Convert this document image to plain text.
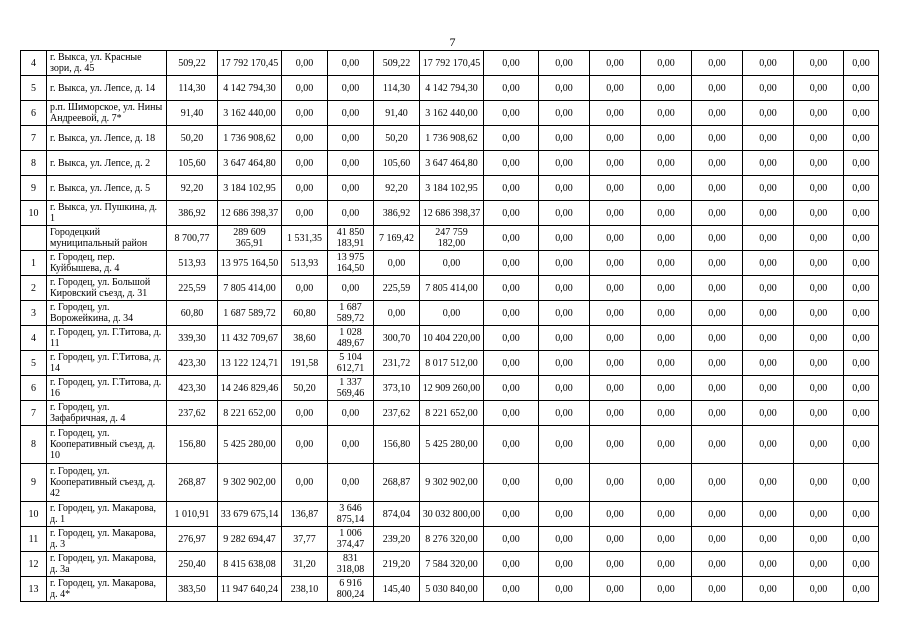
7
4	г. Выкса, ул. Красные зори, д. 45	509,22	17 792 170,45	0,00	0,00	509,22	17 792 170,45	0,00	0,00	0,00	0,00	0,00	0,00	0,00	0,00
5	г. Выкса, ул. Лепсе, д. 14	114,30	4 142 794,30	0,00	0,00	114,30	4 142 794,30	0,00	0,00	0,00	0,00	0,00	0,00	0,00	0,00
6	р.п. Шиморское, ул. Нины Андреевой, д. 7*	91,40	3 162 440,00	0,00	0,00	91,40	3 162 440,00	0,00	0,00	0,00	0,00	0,00	0,00	0,00	0,00
7	г. Выкса, ул. Лепсе, д. 18	50,20	1 736 908,62	0,00	0,00	50,20	1 736 908,62	0,00	0,00	0,00	0,00	0,00	0,00	0,00	0,00
8	г. Выкса, ул. Лепсе, д. 2	105,60	3 647 464,80	0,00	0,00	105,60	3 647 464,80	0,00	0,00	0,00	0,00	0,00	0,00	0,00	0,00
9	г. Выкса, ул. Лепсе, д. 5	92,20	3 184 102,95	0,00	0,00	92,20	3 184 102,95	0,00	0,00	0,00	0,00	0,00	0,00	0,00	0,00
10	г. Выкса, ул. Пушкина, д. 1	386,92	12 686 398,37	0,00	0,00	386,92	12 686 398,37	0,00	0,00	0,00	0,00	0,00	0,00	0,00	0,00
	Городецкий муниципальный район	8 700,77	289 609 365,91	1 531,35	41 850 183,91	7 169,42	247 759 182,00	0,00	0,00	0,00	0,00	0,00	0,00	0,00	0,00
1	г. Городец, пер. Куйбышева, д. 4	513,93	13 975 164,50	513,93	13 975 164,50	0,00	0,00	0,00	0,00	0,00	0,00	0,00	0,00	0,00	0,00
2	г. Городец, ул. Большой Кировский съезд, д. 31	225,59	7 805 414,00	0,00	0,00	225,59	7 805 414,00	0,00	0,00	0,00	0,00	0,00	0,00	0,00	0,00
3	г. Городец, ул. Ворожейкина, д. 34	60,80	1 687 589,72	60,80	1 687 589,72	0,00	0,00	0,00	0,00	0,00	0,00	0,00	0,00	0,00	0,00
4	г. Городец, ул. Г.Титова, д. 11	339,30	11 432 709,67	38,60	1 028 489,67	300,70	10 404 220,00	0,00	0,00	0,00	0,00	0,00	0,00	0,00	0,00
5	г. Городец, ул. Г.Титова, д. 14	423,30	13 122 124,71	191,58	5 104 612,71	231,72	8 017 512,00	0,00	0,00	0,00	0,00	0,00	0,00	0,00	0,00
6	г. Городец, ул. Г.Титова, д. 16	423,30	14 246 829,46	50,20	1 337 569,46	373,10	12 909 260,00	0,00	0,00	0,00	0,00	0,00	0,00	0,00	0,00
7	г. Городец, ул. Зафабричная, д. 4	237,62	8 221 652,00	0,00	0,00	237,62	8 221 652,00	0,00	0,00	0,00	0,00	0,00	0,00	0,00	0,00
8	г. Городец, ул. Кооперативный съезд, д. 10	156,80	5 425 280,00	0,00	0,00	156,80	5 425 280,00	0,00	0,00	0,00	0,00	0,00	0,00	0,00	0,00
9	г. Городец, ул. Кооперативный съезд, д. 42	268,87	9 302 902,00	0,00	0,00	268,87	9 302 902,00	0,00	0,00	0,00	0,00	0,00	0,00	0,00	0,00
10	г. Городец, ул. Макарова, д. 1	1 010,91	33 679 675,14	136,87	3 646 875,14	874,04	30 032 800,00	0,00	0,00	0,00	0,00	0,00	0,00	0,00	0,00
11	г. Городец, ул. Макарова, д. 3	276,97	9 282 694,47	37,77	1 006 374,47	239,20	8 276 320,00	0,00	0,00	0,00	0,00	0,00	0,00	0,00	0,00
12	г. Городец, ул. Макарова, д. 3а	250,40	8 415 638,08	31,20	831 318,08	219,20	7 584 320,00	0,00	0,00	0,00	0,00	0,00	0,00	0,00	0,00
13	г. Городец, ул. Макарова, д. 4*	383,50	11 947 640,24	238,10	6 916 800,24	145,40	5 030 840,00	0,00	0,00	0,00	0,00	0,00	0,00	0,00	0,00
